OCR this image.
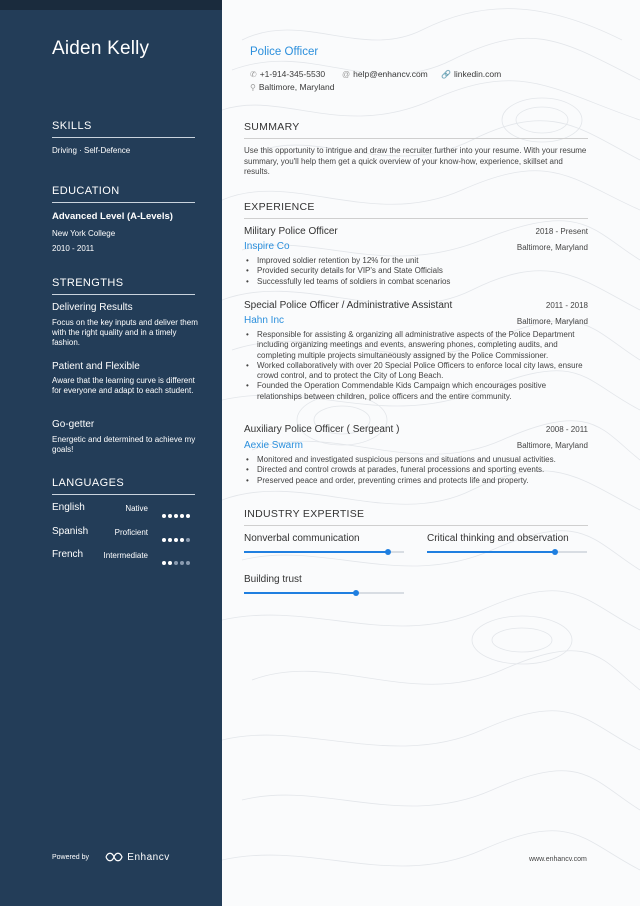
Aiden Kelly
SKILLS
Driving · Self-Defence
EDUCATION
Advanced Level (A-Levels)
New York College
2010 - 2011
STRENGTHS
Delivering Results
Focus on the key inputs and deliver them with the right quality and in a timely fashion.
Patient and Flexible
Aware that the learning curve is different for everyone and adapt to each student.
Go-getter
Energetic and determined to achieve my goals!
LANGUAGES
English	Native
Spanish	Proficient
French	Intermediate
Powered by	Enhancv
Police Officer
✆ +1-914-345-5530 @ help@enhancv.com 🔗 linkedin.com
⚲ Baltimore, Maryland
SUMMARY
Use this opportunity to intrigue and draw the recruiter further into your resume. With your resume summary, you'll help them get a quick overview of your know-how, experience, skillset and results.
EXPERIENCE
Military Police Officer	2018 - Present
Inspire Co	Baltimore, Maryland
• Improved soldier retention by 12% for the unit
• Provided security details for VIP's and State Officials
• Successfully led teams of soldiers in combat scenarios
Special Police Officer / Administrative Assistant	2011 - 2018
Hahn Inc	Baltimore, Maryland
• Responsible for assisting & organizing all administrative aspects of the Police Department including organizing meetings and events, answering phones, completing audits, and completing multiple projects simultaneously assigned by the Police Commissioner.
• Worked collaboratively with over 20 Special Police Officers to enforce local city laws, ensure crowd control, and to protect the City of Long Beach.
• Founded the Operation Commendable Kids Campaign which encourages positive relationships between children, police officers and the entire community.
Auxiliary Police Officer ( Sergeant )	2008 - 2011
Aexie Swarm	Baltimore, Maryland
• Monitored and investigated suspicious persons and situations and unusual activities.
• Directed and control crowds at parades, funeral processions and sporting events.
• Preserved peace and order, preventing crimes and protects life and property.
INDUSTRY EXPERTISE
Nonverbal communication	Critical thinking and observation
Building trust
www.enhancv.com
